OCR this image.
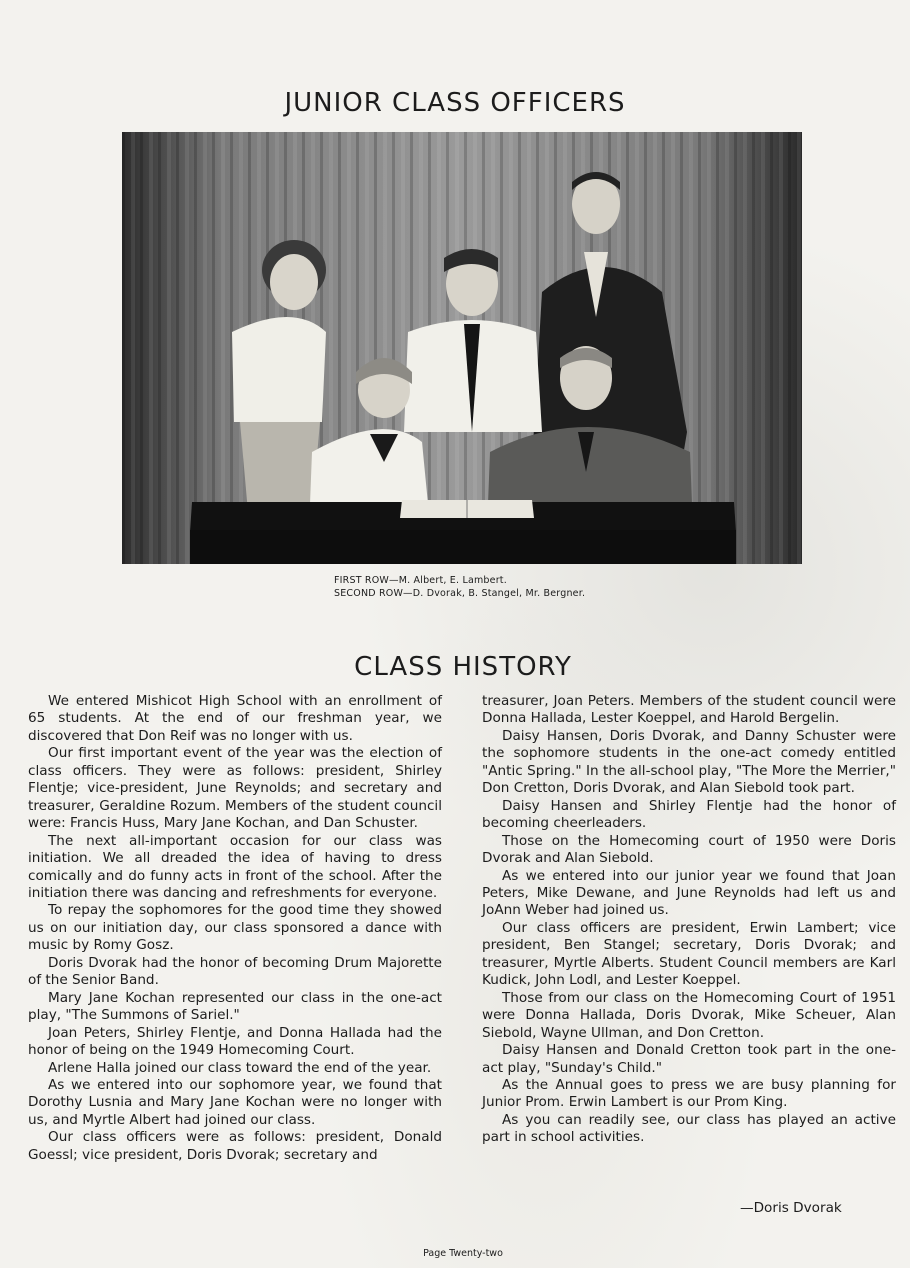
JUNIOR CLASS OFFICERS
FIRST ROW—M. Albert, E. Lambert.
SECOND ROW—D. Dvorak, B. Stangel, Mr. Bergner.
CLASS HISTORY

We entered Mishicot High School with an enrollment of 65 students. At the end of our freshman year, we discovered that Don Reif was no longer with us.

Our first important event of the year was the election of class officers. They were as follows: president, Shirley Flentje; vice-president, June Reynolds; and secretary and treasurer, Geraldine Rozum. Members of the student council were: Francis Huss, Mary Jane Kochan, and Dan Schuster.

The next all-important occasion for our class was initiation. We all dreaded the idea of having to dress comically and do funny acts in front of the school. After the initiation there was dancing and refreshments for everyone.

To repay the sophomores for the good time they showed us on our initiation day, our class sponsored a dance with music by Romy Gosz.

Doris Dvorak had the honor of becoming Drum Majorette of the Senior Band.

Mary Jane Kochan represented our class in the one-act play, "The Summons of Sariel."

Joan Peters, Shirley Flentje, and Donna Hallada had the honor of being on the 1949 Homecoming Court.

Arlene Halla joined our class toward the end of the year.

As we entered into our sophomore year, we found that Dorothy Lusnia and Mary Jane Kochan were no longer with us, and Myrtle Albert had joined our class.

Our class officers were as follows: president, Donald Goessl; vice president, Doris Dvorak; secretary and

treasurer, Joan Peters. Members of the student council were Donna Hallada, Lester Koeppel, and Harold Bergelin.

Daisy Hansen, Doris Dvorak, and Danny Schuster were the sophomore students in the one-act comedy entitled "Antic Spring." In the all-school play, "The More the Merrier," Don Cretton, Doris Dvorak, and Alan Siebold took part.

Daisy Hansen and Shirley Flentje had the honor of becoming cheerleaders.

Those on the Homecoming court of 1950 were Doris Dvorak and Alan Siebold.

As we entered into our junior year we found that Joan Peters, Mike Dewane, and June Reynolds had left us and JoAnn Weber had joined us.

Our class officers are president, Erwin Lambert; vice president, Ben Stangel; secretary, Doris Dvorak; and treasurer, Myrtle Alberts. Student Council members are Karl Kudick, John Lodl, and Lester Koeppel.

Those from our class on the Homecoming Court of 1951 were Donna Hallada, Doris Dvorak, Mike Scheuer, Alan Siebold, Wayne Ullman, and Don Cretton.

Daisy Hansen and Donald Cretton took part in the one-act play, "Sunday's Child."

As the Annual goes to press we are busy planning for Junior Prom. Erwin Lambert is our Prom King.

As you can readily see, our class has played an active part in school activities.

—Doris Dvorak
Page Twenty-two
